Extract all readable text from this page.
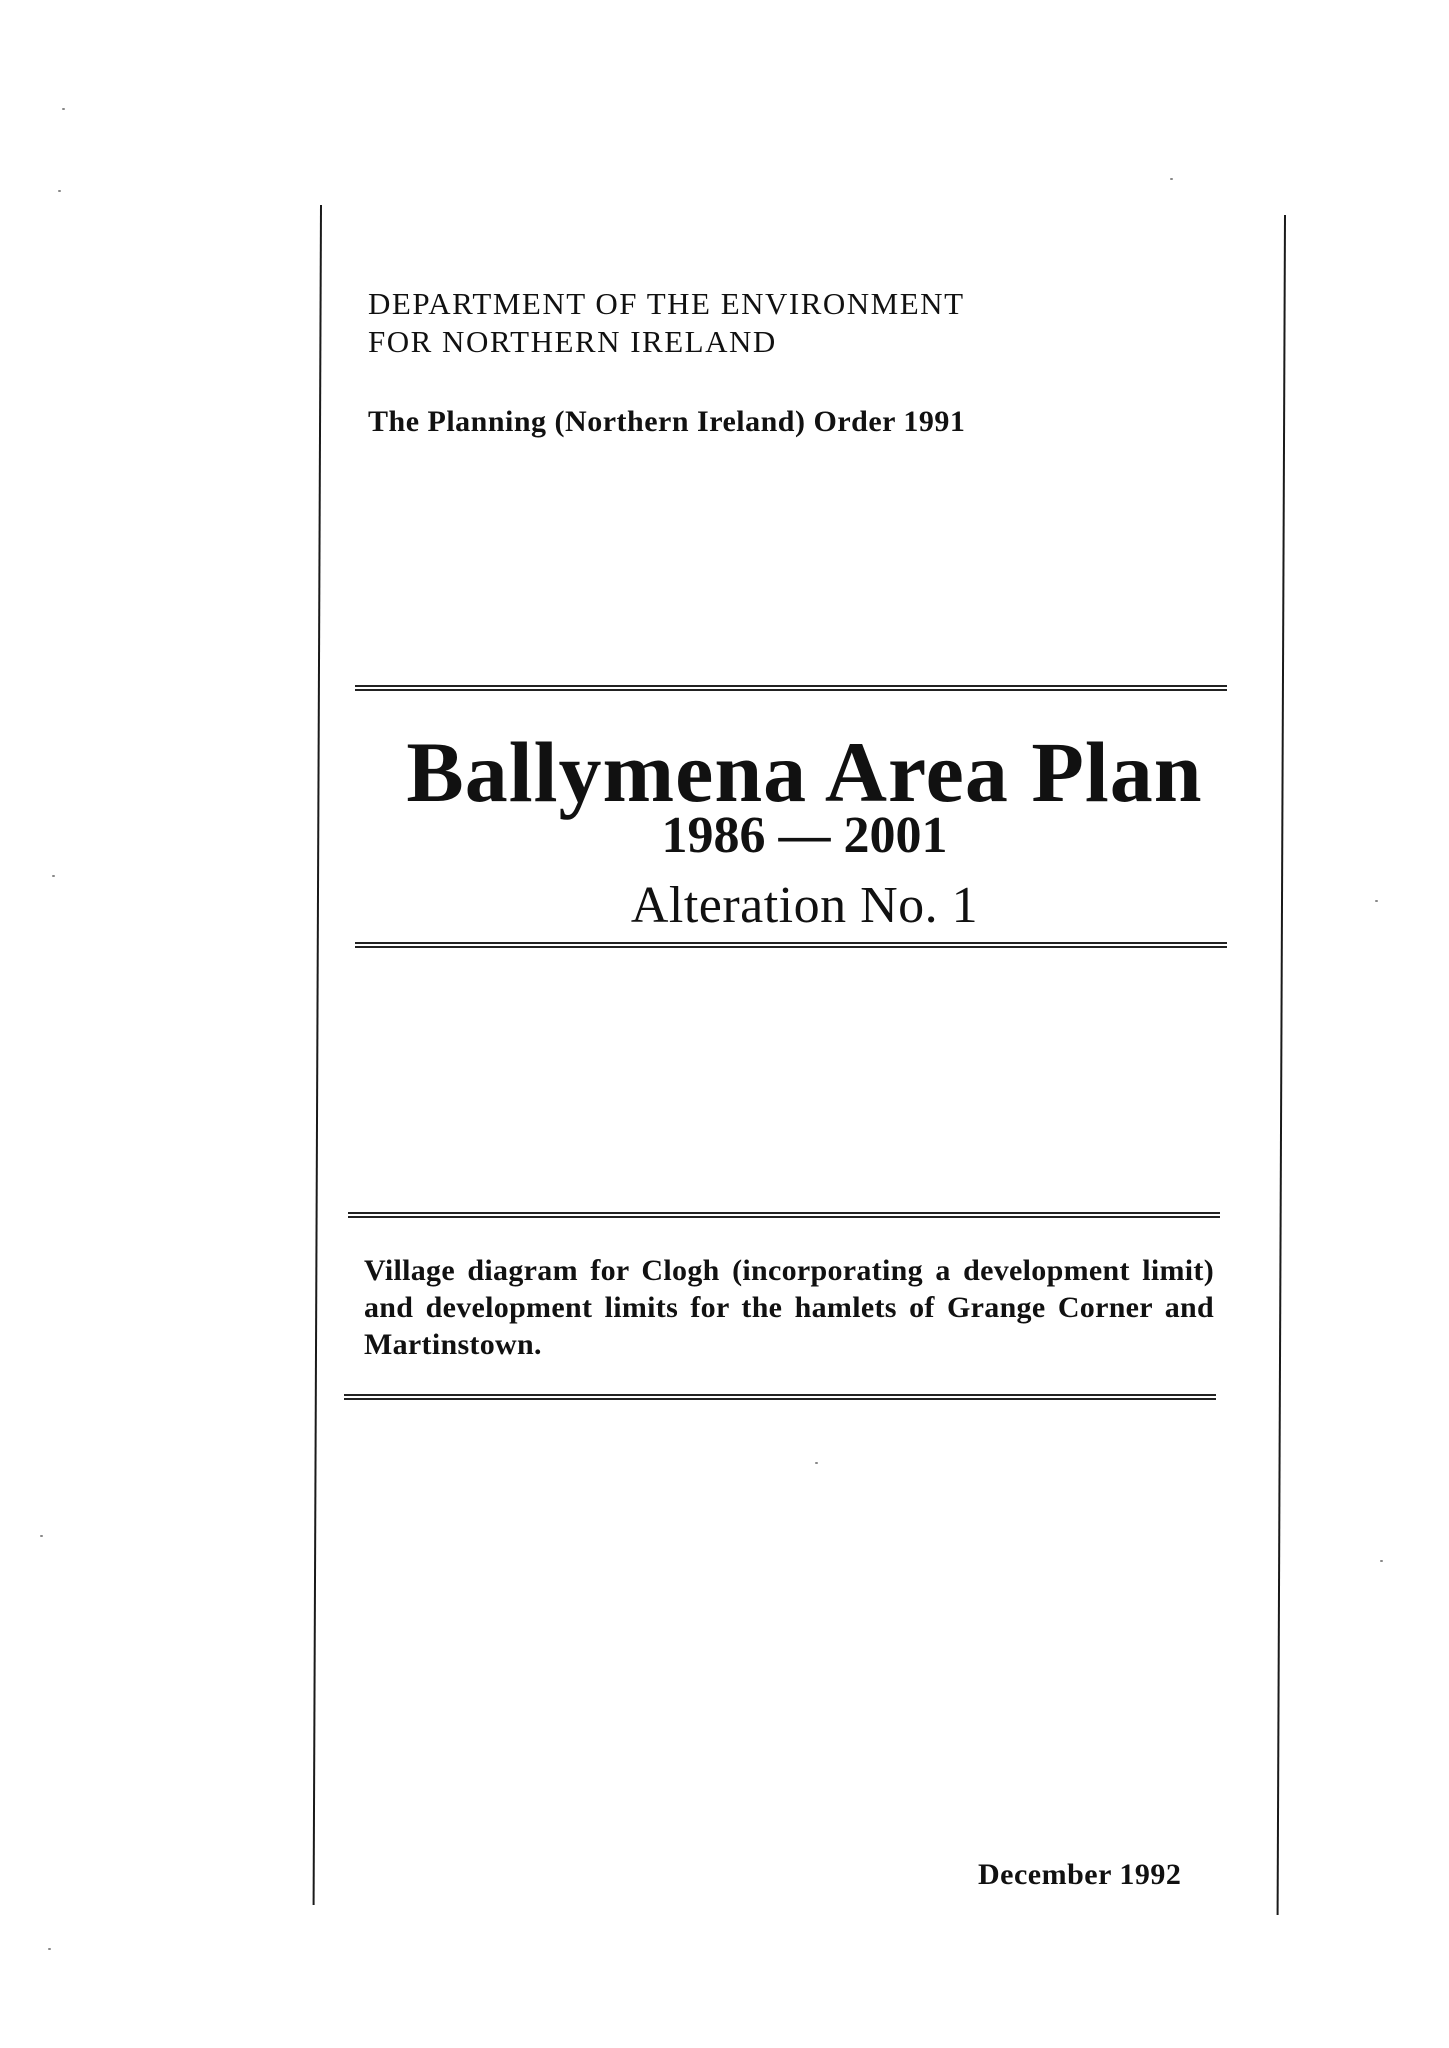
DEPARTMENT OF THE ENVIRONMENT
FOR NORTHERN IRELAND
The Planning (Northern Ireland) Order 1991
Ballymena Area Plan
1986 — 2001
Alteration No. 1
Village diagram for Clogh (incorporating a development limit) and development limits for the hamlets of Grange Corner and Martinstown.
December 1992
